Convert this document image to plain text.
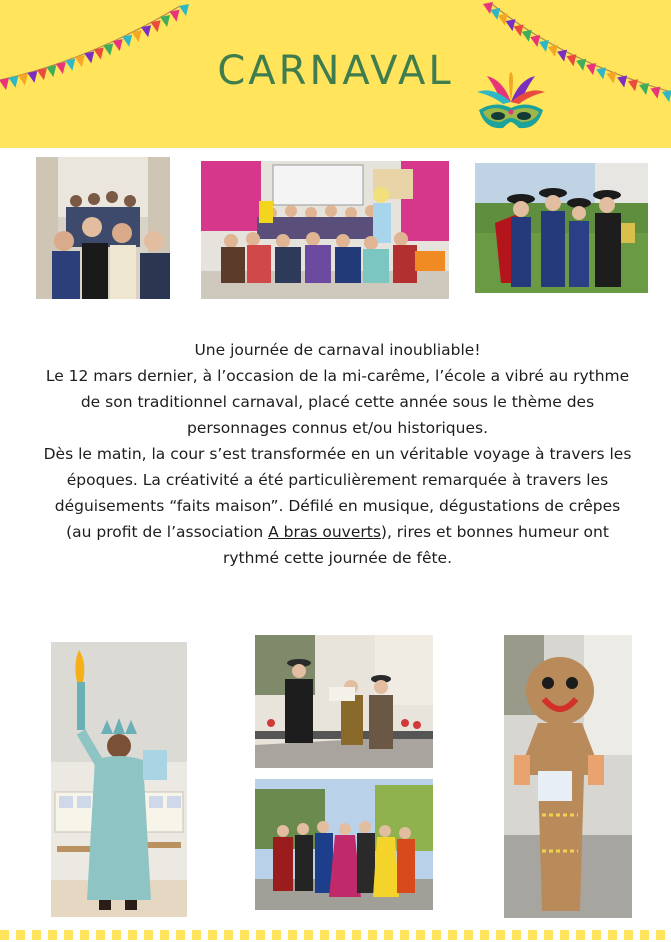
CARNAVAL

Une journée de carnaval inoubliable!

Le 12 mars dernier, à l’occasion de la mi-carême, l’école a vibré au rythme de son traditionnel carnaval, placé cette année sous le thème des personnages connus et/ou historiques.

Dès le matin, la cour s’est transformée en un véritable voyage à travers les époques. La créativité a été particulièrement remarquée à travers les déguisements “faits maison”. Défilé en musique, dégustations de crêpes (au profit de l’association A bras ouverts), rires et bonnes humeur ont rythmé cette journée de fête.
